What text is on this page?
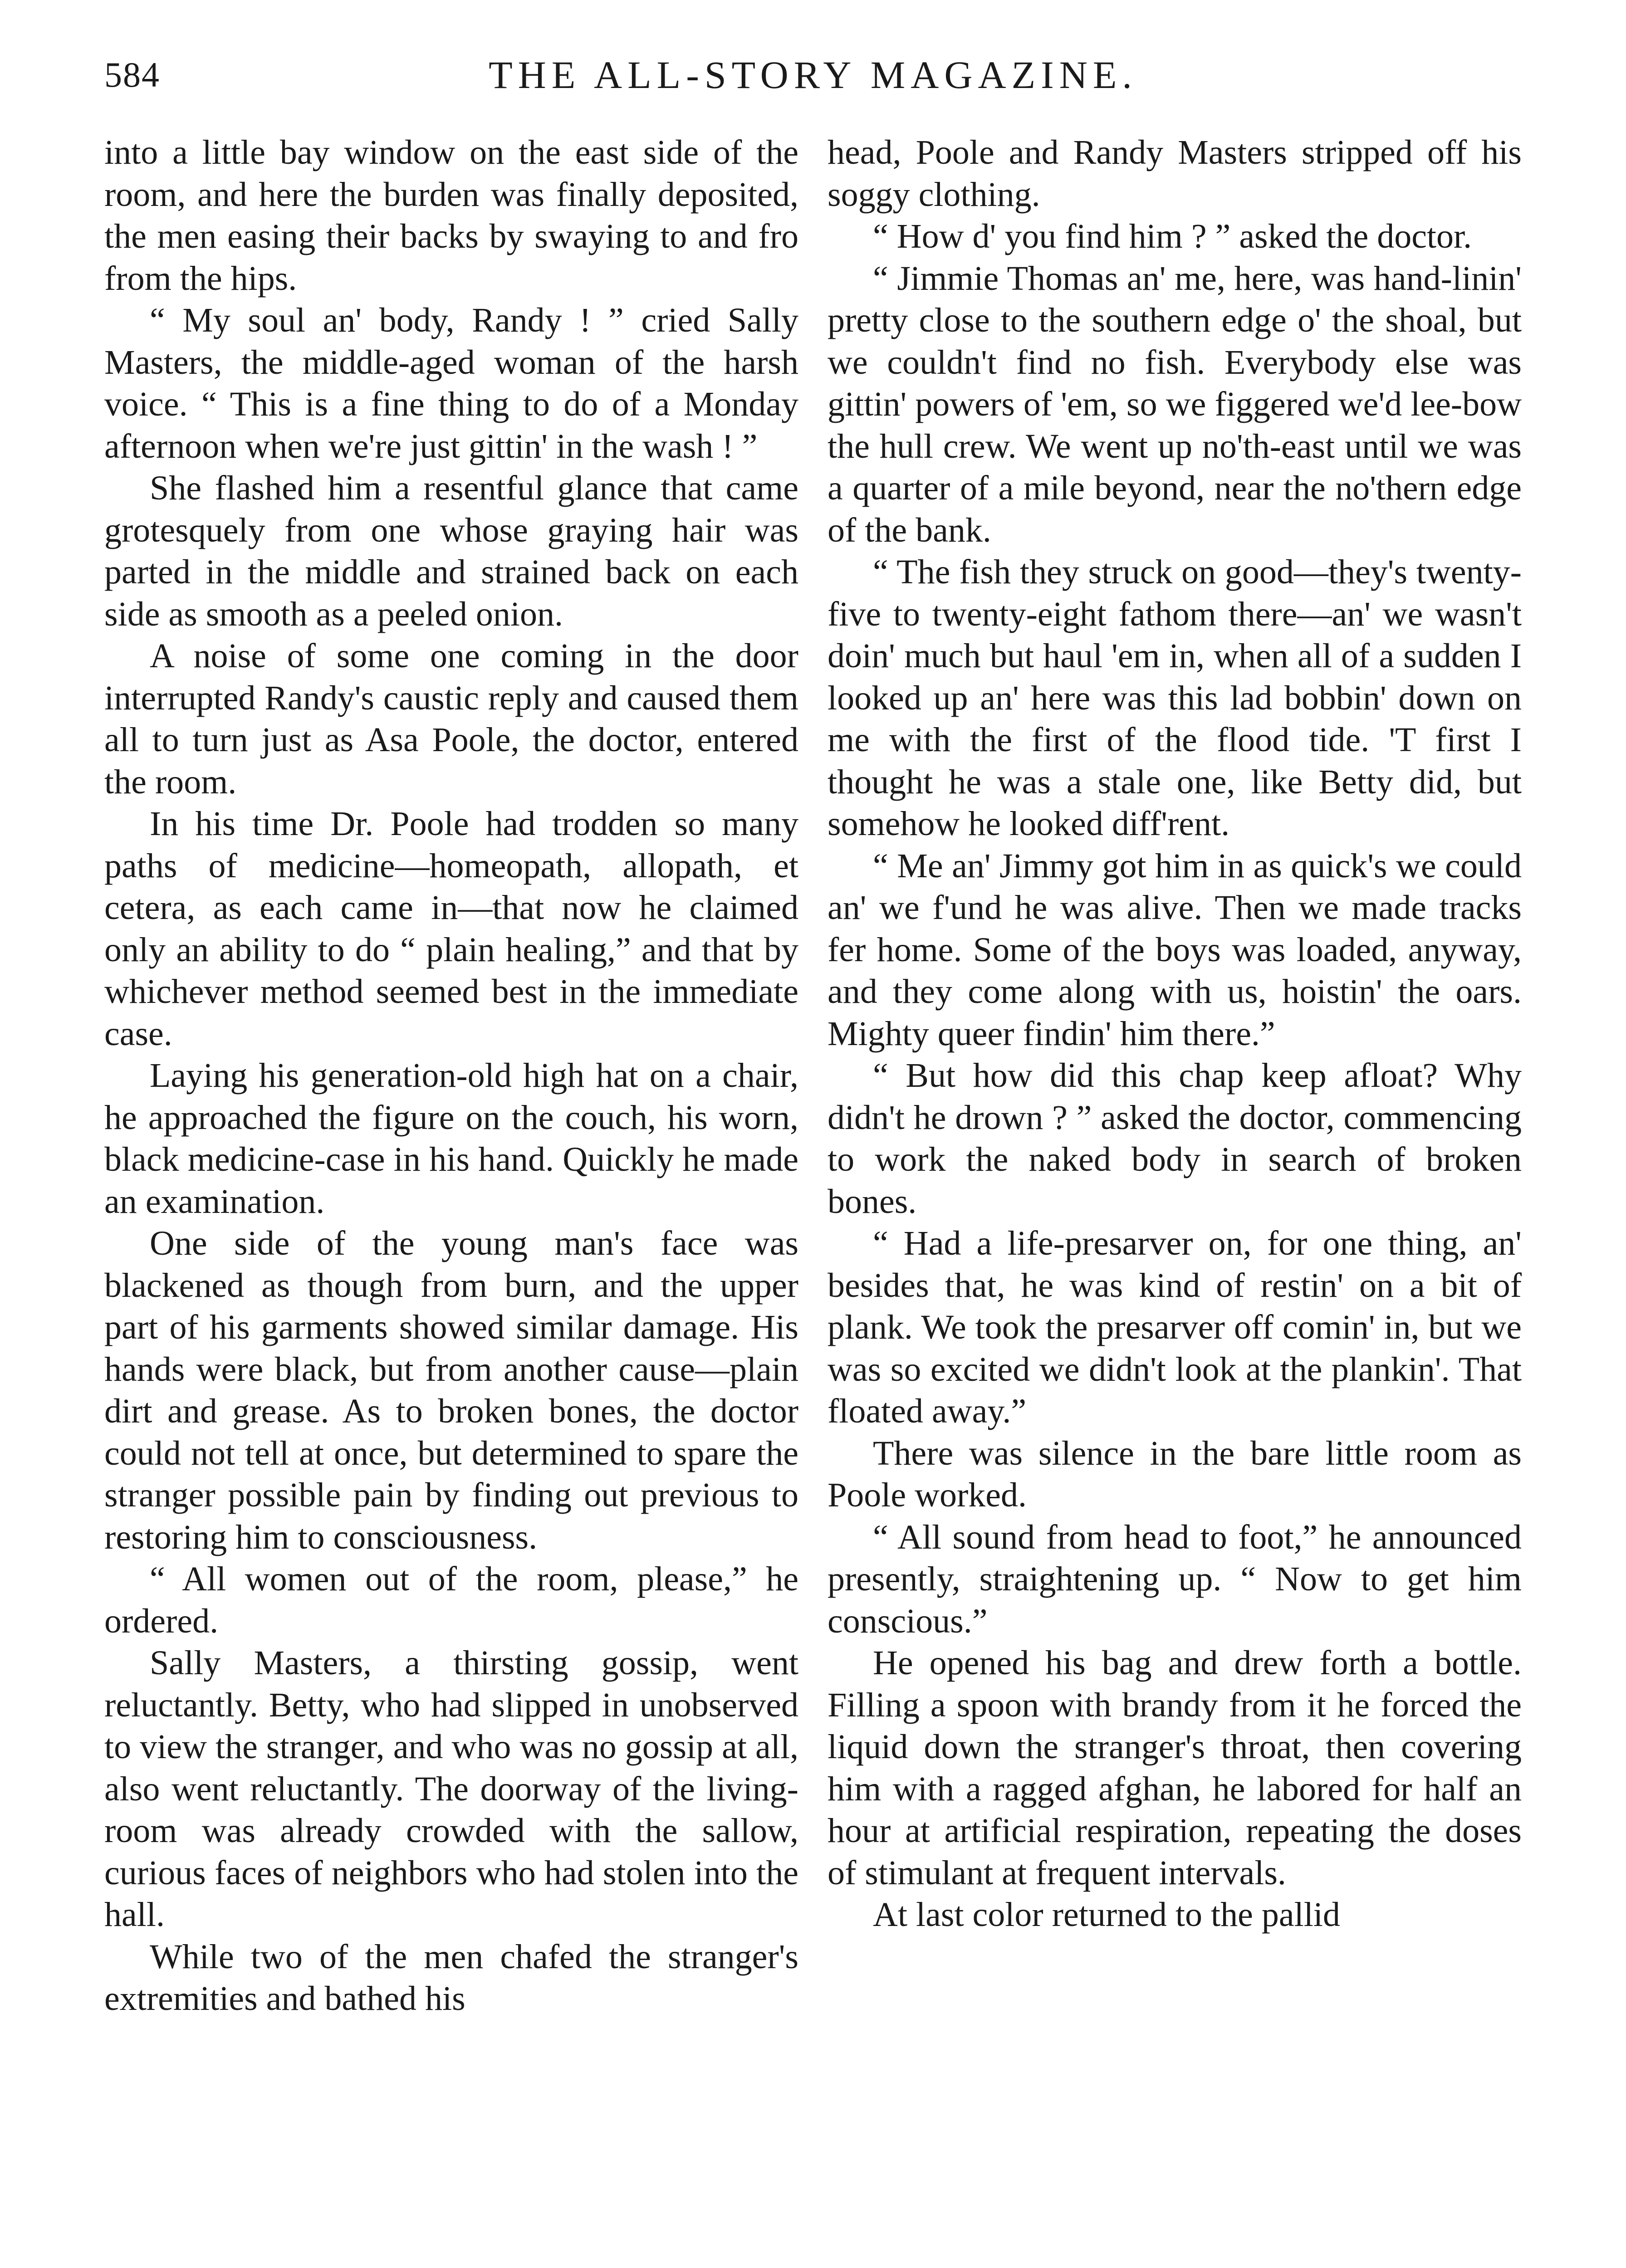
584	THE ALL-STORY MAGAZINE.

into a little bay window on the east side of the room, and here the burden was finally deposited, the men easing their backs by swaying to and fro from the hips.

“ My soul an' body, Randy ! ” cried Sally Masters, the middle-aged woman of the harsh voice. “ This is a fine thing to do of a Monday afternoon when we're just gittin' in the wash ! ”

She flashed him a resentful glance that came grotesquely from one whose graying hair was parted in the middle and strained back on each side as smooth as a peeled onion.

A noise of some one coming in the door interrupted Randy's caustic reply and caused them all to turn just as Asa Poole, the doctor, entered the room.

In his time Dr. Poole had trodden so many paths of medicine—homeopath, allopath, et cetera, as each came in—that now he claimed only an ability to do “ plain healing,” and that by whichever method seemed best in the immediate case.

Laying his generation-old high hat on a chair, he approached the figure on the couch, his worn, black medicine-case in his hand. Quickly he made an examination.

One side of the young man's face was blackened as though from burn, and the upper part of his garments showed similar damage. His hands were black, but from another cause—plain dirt and grease. As to broken bones, the doctor could not tell at once, but determined to spare the stranger possible pain by finding out previous to restoring him to consciousness.

“ All women out of the room, please,” he ordered.

Sally Masters, a thirsting gossip, went reluctantly. Betty, who had slipped in unobserved to view the stranger, and who was no gossip at all, also went reluctantly. The doorway of the living-room was already crowded with the sallow, curious faces of neighbors who had stolen into the hall.

While two of the men chafed the stranger's extremities and bathed his

head, Poole and Randy Masters stripped off his soggy clothing.

“ How d' you find him ? ” asked the doctor.

“ Jimmie Thomas an' me, here, was hand-linin' pretty close to the southern edge o' the shoal, but we couldn't find no fish. Everybody else was gittin' powers of 'em, so we figgered we'd lee-bow the hull crew. We went up no'th-east until we was a quarter of a mile beyond, near the no'thern edge of the bank.

“ The fish they struck on good—they's twenty-five to twenty-eight fathom there—an' we wasn't doin' much but haul 'em in, when all of a sudden I looked up an' here was this lad bobbin' down on me with the first of the flood tide. 'T first I thought he was a stale one, like Betty did, but somehow he looked diff'rent.

“ Me an' Jimmy got him in as quick's we could an' we f'und he was alive. Then we made tracks fer home. Some of the boys was loaded, anyway, and they come along with us, hoistin' the oars. Mighty queer findin' him there.”

“ But how did this chap keep afloat? Why didn't he drown ? ” asked the doctor, commencing to work the naked body in search of broken bones.

“ Had a life-presarver on, for one thing, an' besides that, he was kind of restin' on a bit of plank. We took the presarver off comin' in, but we was so excited we didn't look at the plankin'. That floated away.”

There was silence in the bare little room as Poole worked.

“ All sound from head to foot,” he announced presently, straightening up. “ Now to get him conscious.”

He opened his bag and drew forth a bottle. Filling a spoon with brandy from it he forced the liquid down the stranger's throat, then covering him with a ragged afghan, he labored for half an hour at artificial respiration, repeating the doses of stimulant at frequent intervals.

At last color returned to the pallid
